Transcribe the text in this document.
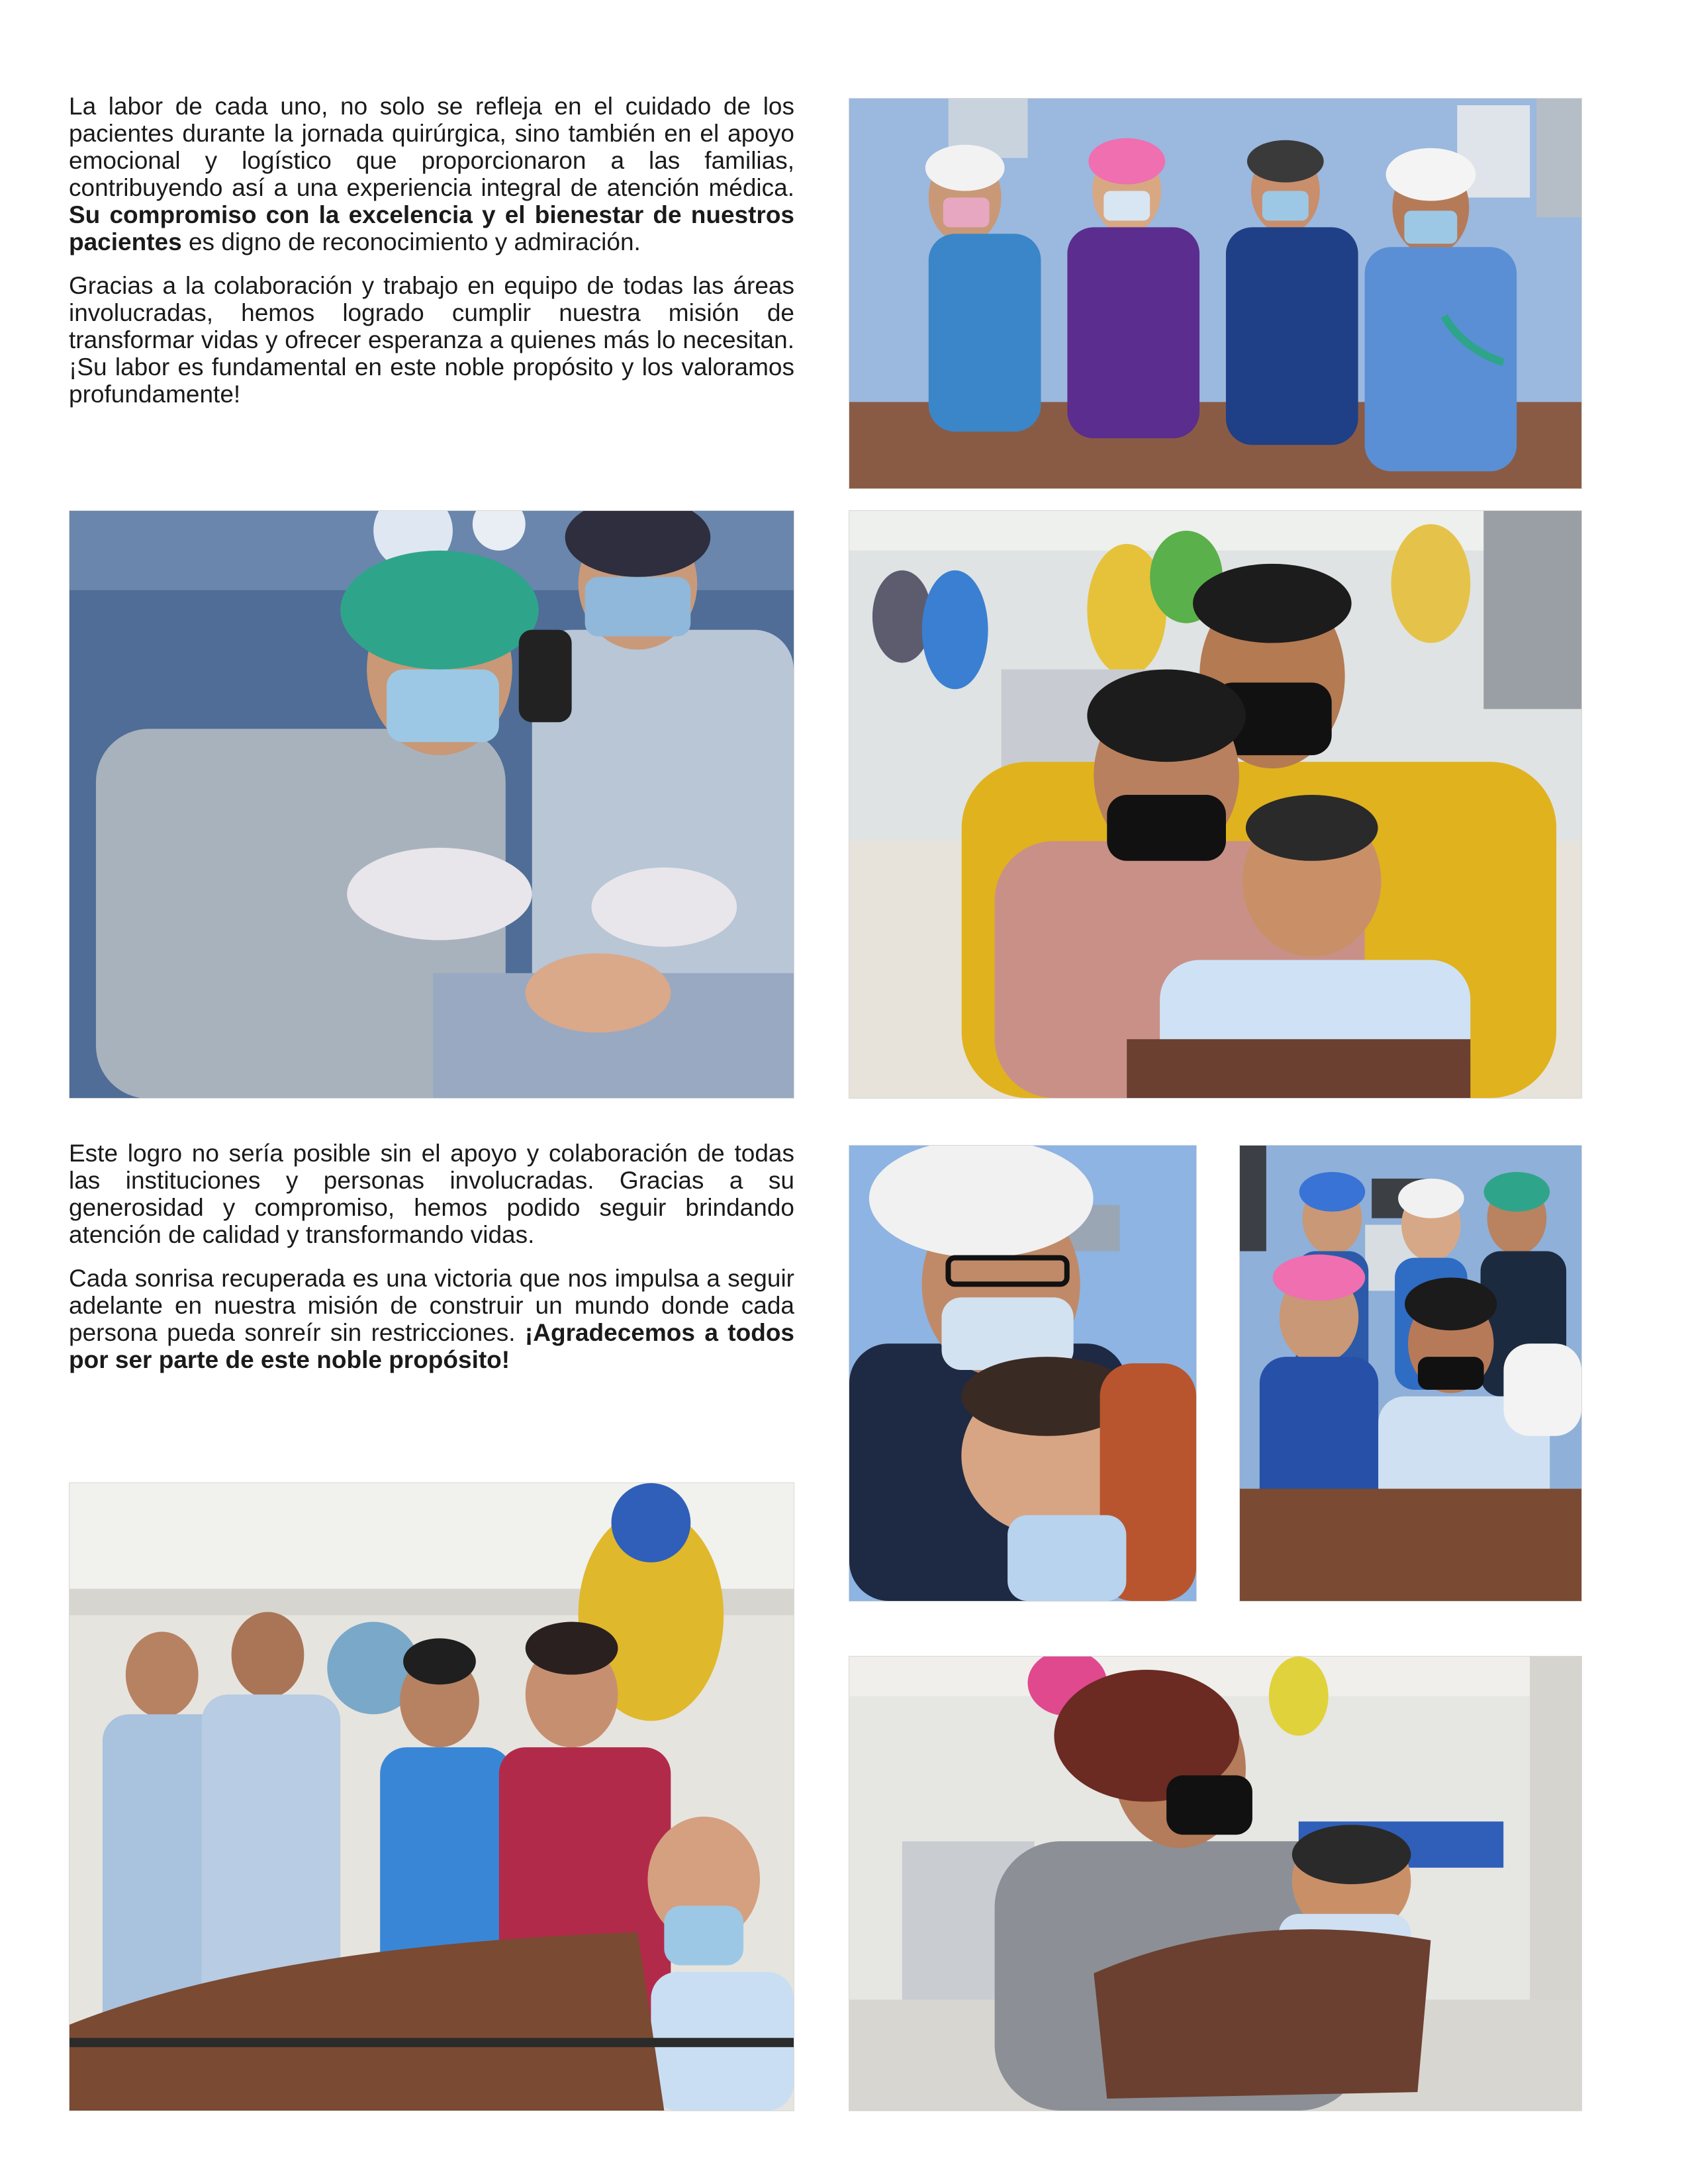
La labor de cada uno, no solo se refleja en el cuidado de los pacientes durante la jornada quirúrgica, sino también en el apoyo emocional y logístico que proporcionaron a las familias, contribuyendo así a una experiencia integral de atención médica. Su compromiso con la excelencia y el bienestar de nuestros pacientes es digno de reconocimiento y admiración.

Gracias a la colaboración y trabajo en equipo de todas las áreas involucradas, hemos logrado cumplir nuestra misión de transformar vidas y ofrecer esperanza a quienes más lo necesitan. ¡Su labor es fundamental en este noble propósito y los valoramos profundamente!

Este logro no sería posible sin el apoyo y colaboración de todas las instituciones y personas involucradas. Gracias a su generosidad y compromiso, hemos podido seguir brindando atención de calidad y transformando vidas.

Cada sonrisa recuperada es una victoria que nos impulsa a seguir adelante en nuestra misión de construir un mundo donde cada persona pueda sonreír sin restricciones. ¡Agradecemos a todos por ser parte de este noble propósito!
